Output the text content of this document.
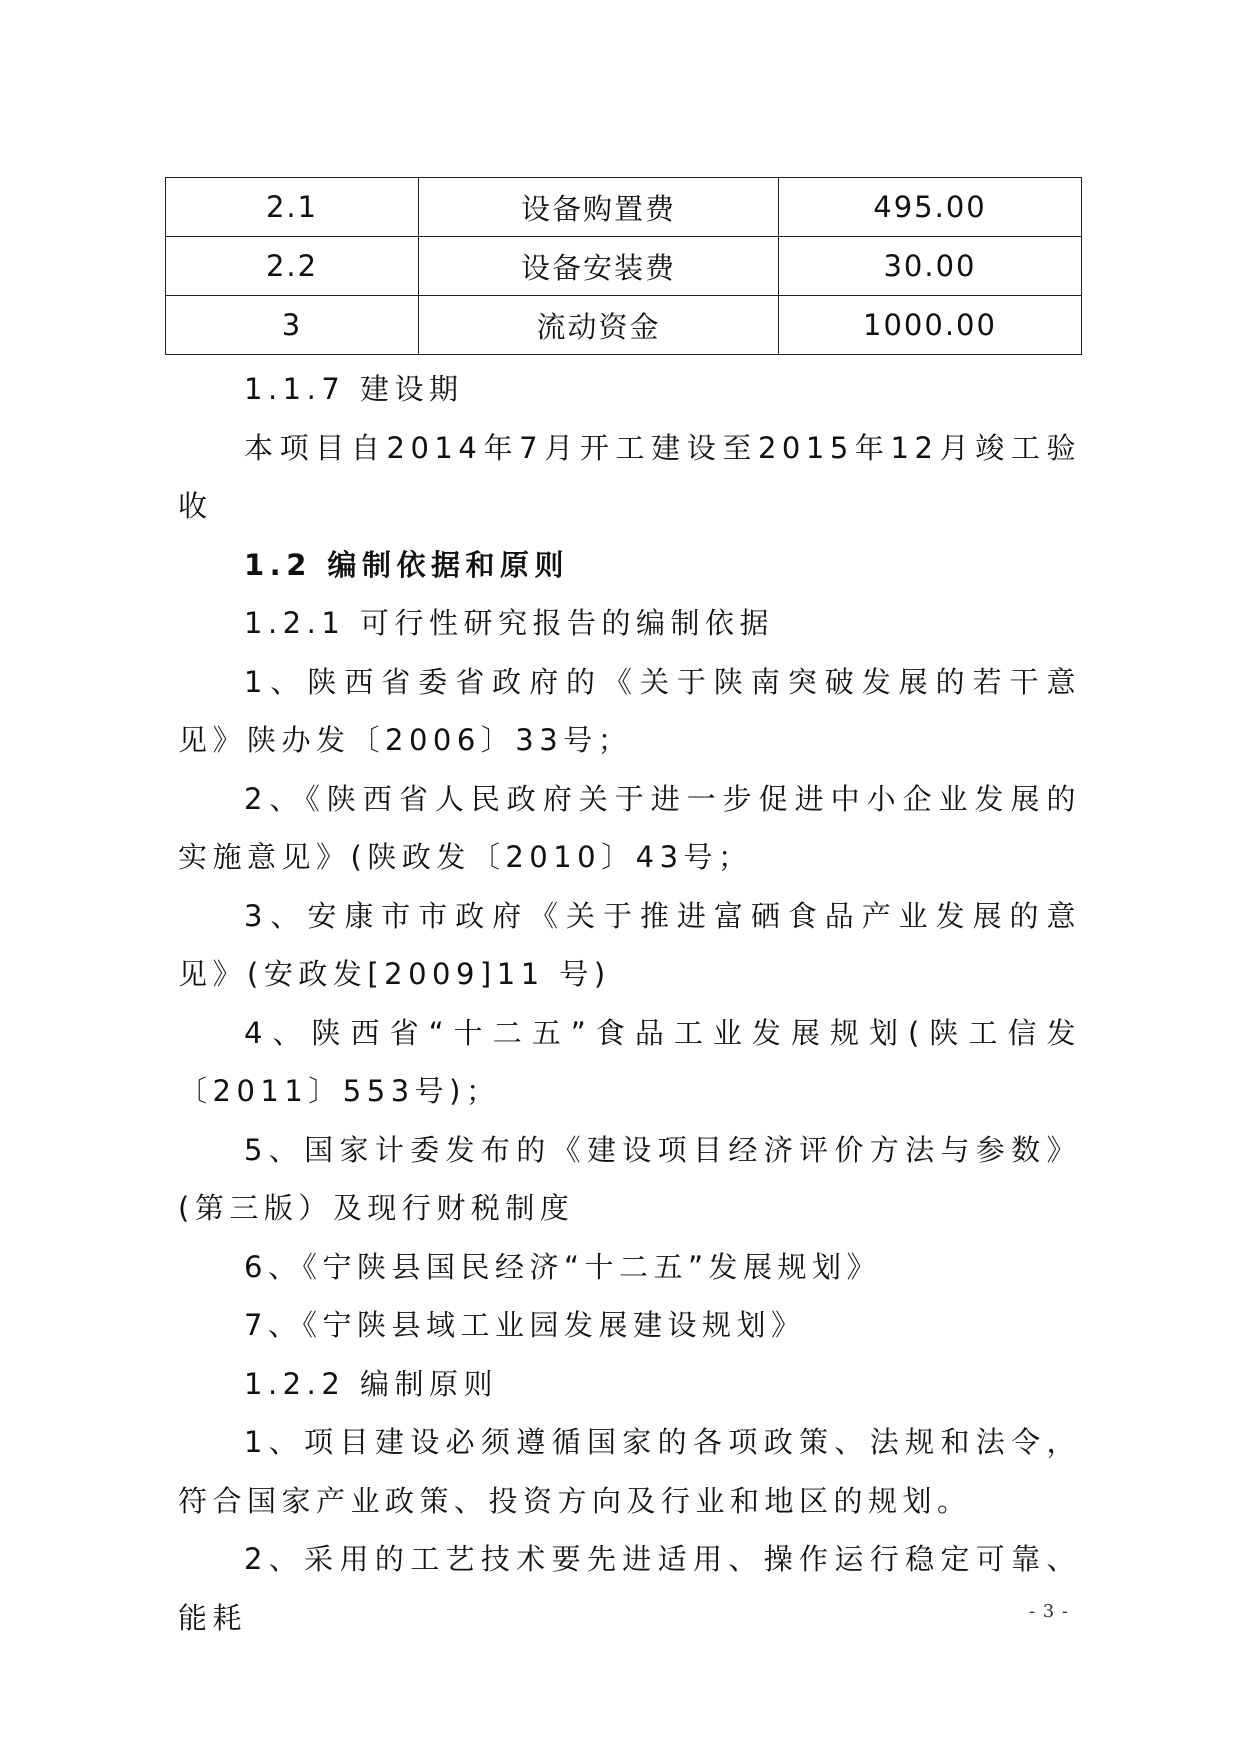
2.1	设备购置费	495.00
2.2	设备安装费	30.00
3	流动资金	1000.00

1.1.7 建设期

本项目自2014年7月开工建设至2015年12月竣工验收

1.2 编制依据和原则

1.2.1 可行性研究报告的编制依据

1、陕西省委省政府的《关于陕南突破发展的若干意见》陕办发〔2006〕33号；

2、《陕西省人民政府关于进一步促进中小企业发展的实施意见》(陕政发〔2010〕43号；

3、安康市市政府《关于推进富硒食品产业发展的意见》(安政发[2009]11 号)

4、陕西省“十二五”食品工业发展规划(陕工信发〔2011〕553号)；

5、国家计委发布的《建设项目经济评价方法与参数》(第三版）及现行财税制度

6、《宁陕县国民经济“十二五”发展规划》

7、《宁陕县域工业园发展建设规划》

1.2.2 编制原则

1、项目建设必须遵循国家的各项政策、法规和法令，符合国家产业政策、投资方向及行业和地区的规划。

2、采用的工艺技术要先进适用、操作运行稳定可靠、能耗	- 3 -
